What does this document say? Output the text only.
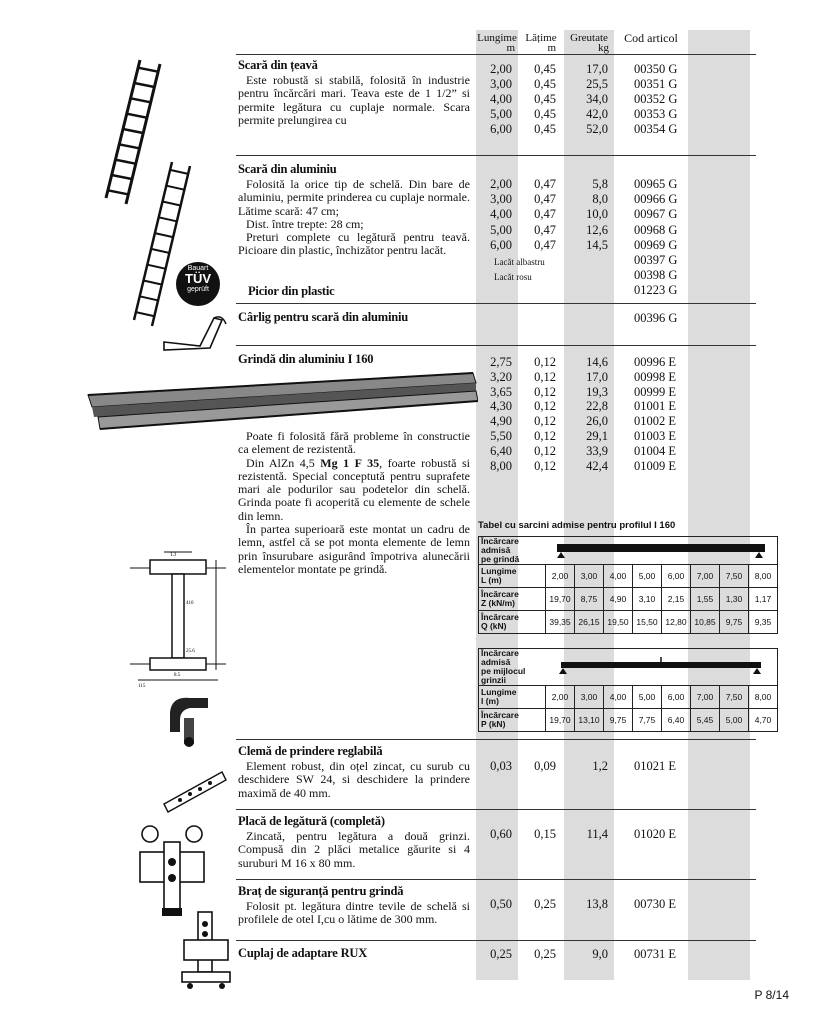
Lungime
m
Lățime
m
Greutate
kg
Cod articol
Scară din țeavă

Este robustă si stabilă, folosită în industrie pentru încărcări mari. Teava este de 1 1/2” si permite legătura cu cuplaje normale. Scara permite prelungirea cu

2,00	0,45	17,0 00350 G
3,00	0,45	25,5 00351 G
4,00	0,45	34,0 00352 G
5,00	0,45	42,0 00353 G
6,00	0,45	52,0 00354 G
Bauart
TÜV
geprüft
Scară din aluminiu

Folosită la orice tip de schelă. Din bare de aluminiu, permite prinderea cu cuplaje normale. Lătime scară: 47 cm;

Dist. între trepte: 28 cm;

Preturi complete cu legătură pentru teavă. Picioare din plastic, închizător pentru lacăt.

Picior din plastic
2,00	0,47	5,8 00965 G
3,00	0,47	8,0 00966 G
4,00	0,47	10,0 00967 G
5,00	0,47	12,6 00968 G
6,00	0,47	14,5 00969 G
Lacăt albastru	00397 G
Lacăt rosu	00398 G
01223 G
Cârlig pentru scară din aluminiu	00396 G
Grindă din aluminiu I 160	2,75	0,12	14,6 00996 E
3,20	0,12	17,0 00998 E
3,65	0,12	19,3 00999 E
4,30	0,12	22,8 01001 E
4,90	0,12	26,0 01002 E
5,50	0,12	29,1 01003 E
6,40	0,12	33,9 01004 E
8,00	0,12	42,4 01009 E

Poate fi folosită fără probleme în constructie ca element de rezistentă.

Din AlZn 4,5 Mg 1 F 35, foarte robustă si rezistentă. Special conceptută pentru suprafete mari ale podurilor sau podetelor din schelă. Grinda poate fi acoperită cu elemente de schele din lemn.

În partea superioară este montat un cadru de lemn, astfel că se pot monta elemente de lemn prin însurubare asigurând împotriva alunecării elementelor montate pe grindă.

13
410
25.6
8.5
115
Tabel cu sarcini admise pentru profilul I 160
Încărcare admisă
pe grindă	
Lungime
L (m)	2,00	3,00	4,00	5,00	6,00	7,00	7,50	8,00
Încărcare
Z (kN/m)	19,70	8,75	4,90	3,10	2,15	1,55	1,30	1,17
Încărcare
Q (kN)	39,35	26,15	19,50	15,50	12,80	10,85	9,75	9,35
Încărcare admisă
pe mijlocul grinzii	
Lungime
l (m)	2,00	3,00	4,00	5,00	6,00	7,00	7,50	8,00
Încărcare
P (kN)	19,70	13,10	9,75	7,75	6,40	5,45	5,00	4,70
Clemă de prindere reglabilă

Element robust, din oțel zincat, cu surub cu deschidere SW 24, si deschidere la prindere maximă de 40 mm.

0,03	0,09	1,2 01021 E
Placă de legătură (completă)

Zincată, pentru legătura a două grinzi. Compusă din 2 plăci metalice găurite si 4 suruburi M 16 x 80 mm.

0,60	0,15	11,4 01020 E
Braț de siguranță pentru grindă

Folosit pt. legătura dintre tevile de schelă si profilele de otel I,cu o lătime de 300 mm.

0,50	0,25	13,8 00730 E
Cuplaj de adaptare RUX	0,25	0,25	9,0 00731 E
P 8/14
